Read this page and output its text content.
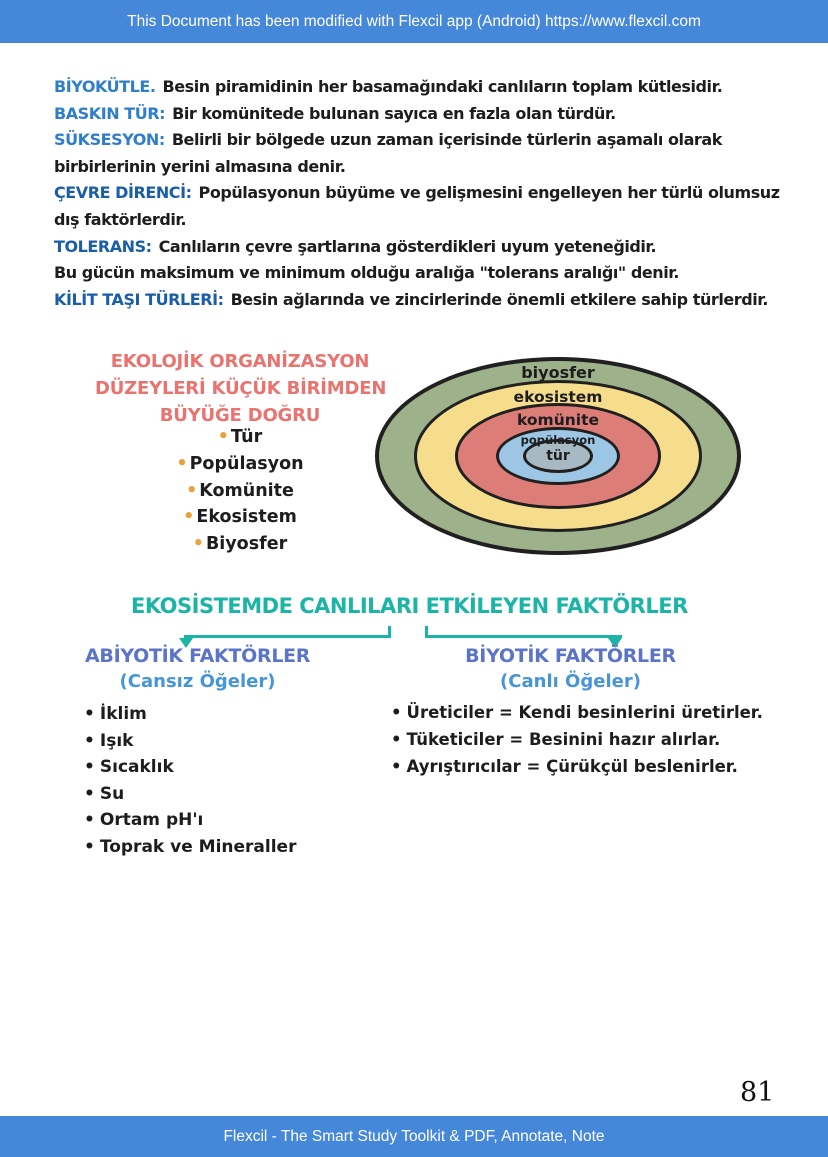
This Document has been modified with Flexcil app (Android) https://www.flexcil.com

BİYOKÜTLE. Besin piramidinin her basamağındaki canlıların toplam kütlesidir.

BASKIN TÜR: Bir komünitede bulunan sayıca en fazla olan türdür.

SÜKSESYON: Belirli bir bölgede uzun zaman içerisinde türlerin aşamalı olarak birbirlerinin yerini almasına denir.

ÇEVRE DİRENCİ: Popülasyonun büyüme ve gelişmesini engelleyen her türlü olumsuz dış faktörlerdir.

TOLERANS: Canlıların çevre şartlarına gösterdikleri uyum yeteneğidir.

Bu gücün maksimum ve minimum olduğu aralığa "tolerans aralığı" denir.

KİLİT TAŞI TÜRLERİ: Besin ağlarında ve zincirlerinde önemli etkilere sahip türlerdir.

EKOLOJİK ORGANİZASYON
DÜZEYLERİ KÜÇÜK BİRİMDEN
BÜYÜĞE DOĞRU
• Tür
• Popülasyon
• Komünite
• Ekosistem
• Biyosfer
biyosfer
ekosistem
komünite
popülasyon
tür
EKOSİSTEMDE CANLILARI ETKİLEYEN FAKTÖRLER
ABİYOTİK FAKTÖRLER
(Cansız Öğeler)
• İklim
• Işık
• Sıcaklık
• Su
• Ortam pH'ı
• Toprak ve Mineraller
BİYOTİK FAKTÖRLER
(Canlı Öğeler)
• Üreticiler = Kendi besinlerini üretirler.
• Tüketiciler = Besinini hazır alırlar.
• Ayrıştırıcılar = Çürükçül beslenirler.
81
Flexcil - The Smart Study Toolkit & PDF, Annotate, Note
